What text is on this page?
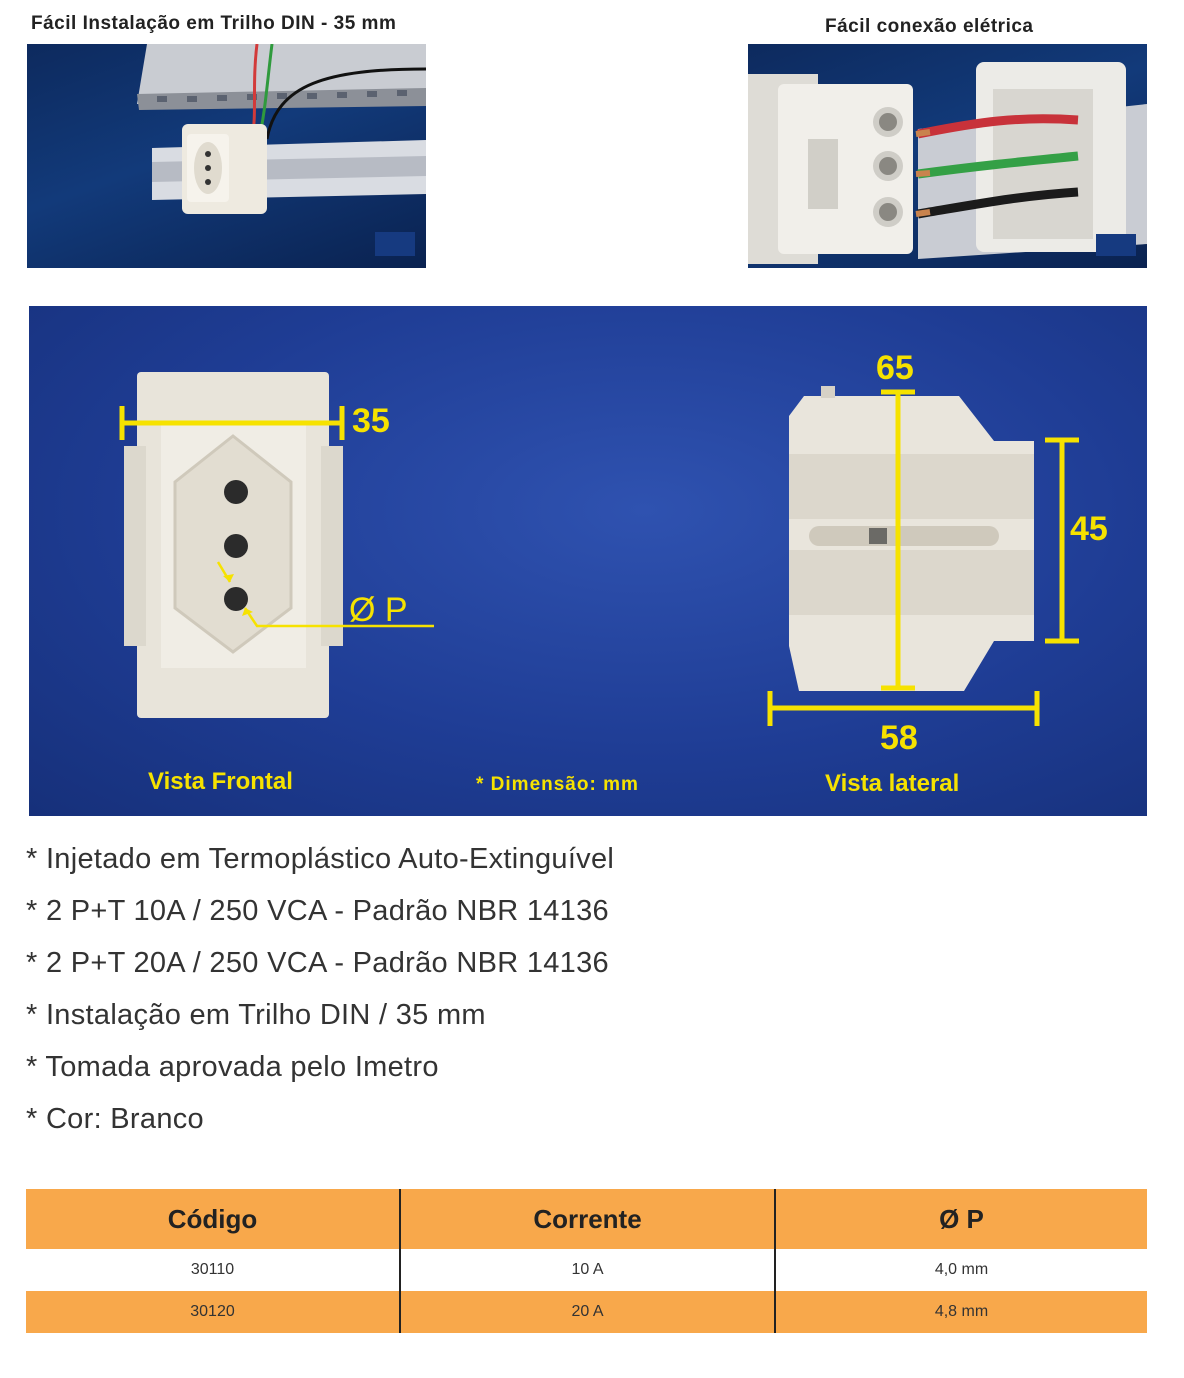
Fácil Instalação em Trilho DIN - 35 mm	Fácil conexão elétrica
35
Ø P
Vista Frontal	* Dimensão: mm
65
45
58
Vista lateral
* Injetado em Termoplástico Auto-Extinguível
* 2 P+T 10A / 250 VCA - Padrão NBR 14136
* 2 P+T 20A / 250 VCA - Padrão NBR 14136
* Instalação em Trilho DIN / 35 mm
* Tomada aprovada pelo Imetro
* Cor: Branco
Código	Corrente	Ø P
30110	10 A	4,0 mm
30120	20 A	4,8 mm
